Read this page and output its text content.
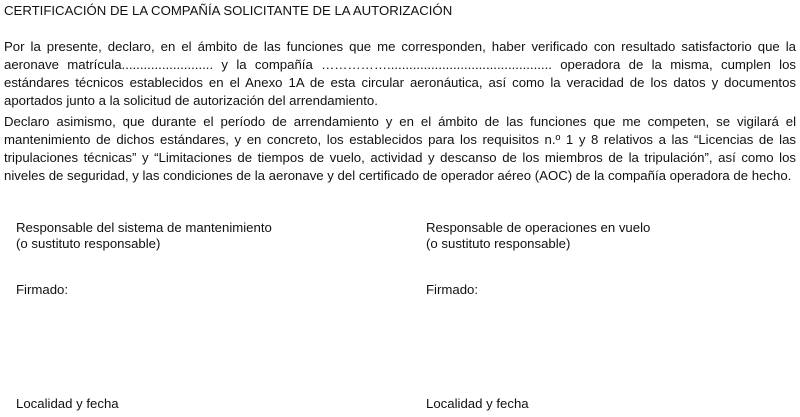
CERTIFICACIÓN DE LA COMPAÑÍA SOLICITANTE DE LA AUTORIZACIÓN
Por la presente, declaro, en el ámbito de las funciones que me corresponden, haber verificado con resultado satisfactorio que la aeronave matrícula......................... y la compañía ……………............................................. operadora de la misma, cumplen los estándares técnicos establecidos en el Anexo 1A de esta circular aeronáutica, así como la veracidad de los datos y documentos aportados junto a la solicitud de autorización del arrendamiento.
Declaro asimismo, que durante el período de arrendamiento y en el ámbito de las funciones que me competen, se vigilará el mantenimiento de dichos estándares, y en concreto, los establecidos para los requisitos n.º 1 y 8 relativos a las “Licencias de las tripulaciones técnicas” y “Limitaciones de tiempos de vuelo, actividad y descanso de los miembros de la tripulación”, así como los niveles de seguridad, y las condiciones de la aeronave y del certificado de operador aéreo (AOC) de la compañía operadora de hecho.
Responsable del sistema de mantenimiento
(o sustituto responsable)
Firmado:
Localidad y fecha
Responsable de operaciones en vuelo
(o sustituto responsable)
Firmado:
Localidad y fecha
